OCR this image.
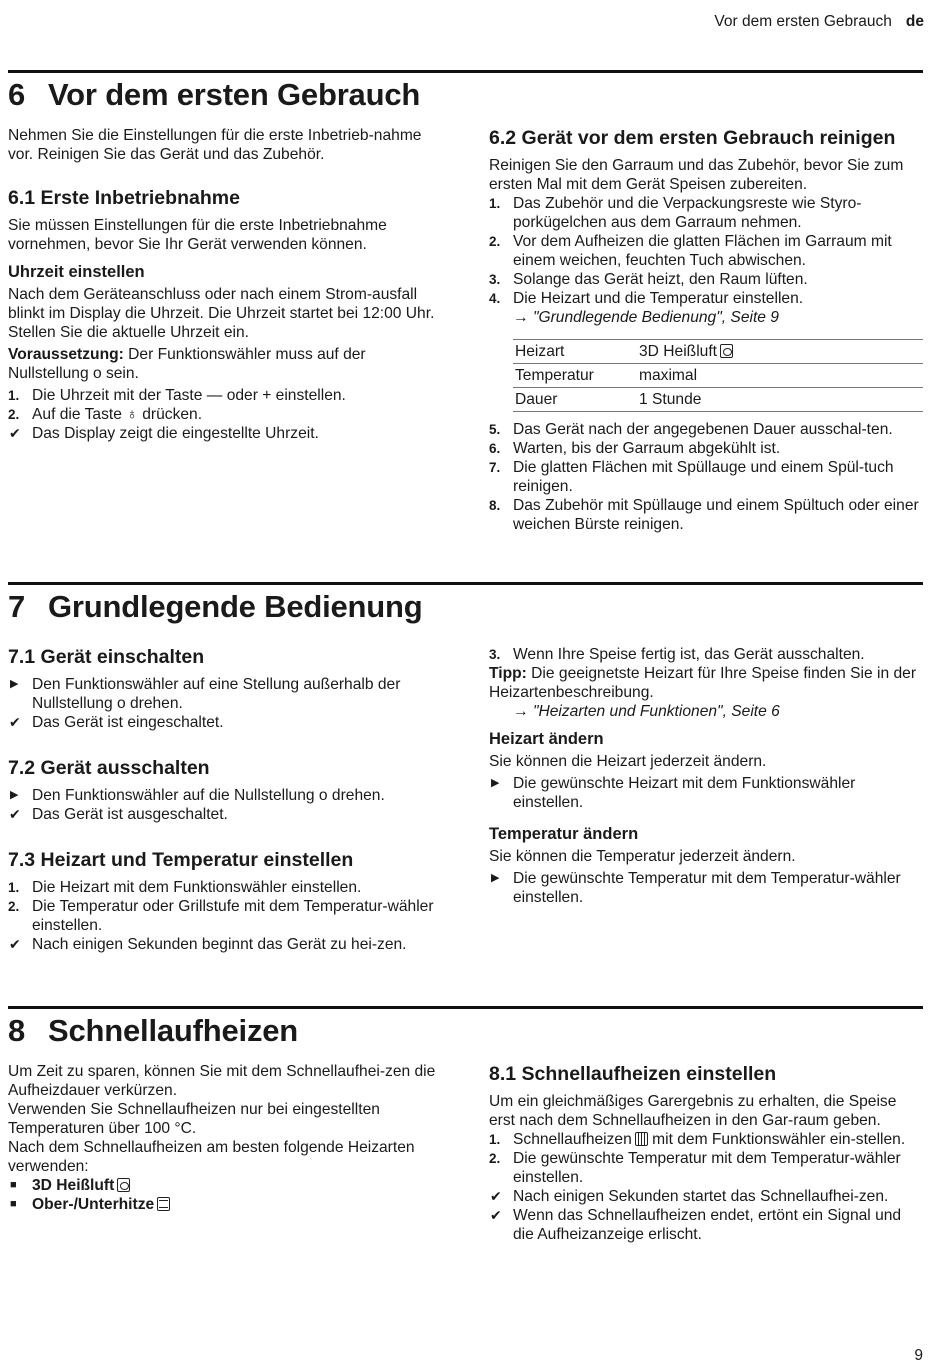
Vor dem ersten Gebrauch de
6 Vor dem ersten Gebrauch

Nehmen Sie die Einstellungen für die erste Inbetrieb-nahme vor. Reinigen Sie das Gerät und das Zubehör.

6.1 Erste Inbetriebnahme

Sie müssen Einstellungen für die erste Inbetriebnahme vornehmen, bevor Sie Ihr Gerät verwenden können.

Uhrzeit einstellen

Nach dem Geräteanschluss oder nach einem Strom-ausfall blinkt im Display die Uhrzeit. Die Uhrzeit startet bei 12:00 Uhr. Stellen Sie die aktuelle Uhrzeit ein.

Voraussetzung: Der Funktionswähler muss auf der Nullstellung o sein.

1. Die Uhrzeit mit der Taste — oder + einstellen.
2. Auf die Taste ♁ drücken.
✔ Das Display zeigt die eingestellte Uhrzeit.
6.2 Gerät vor dem ersten Gebrauch reinigen

Reinigen Sie den Garraum und das Zubehör, bevor Sie zum ersten Mal mit dem Gerät Speisen zubereiten.

1. Das Zubehör und die Verpackungsreste wie Styro-porkügelchen aus dem Garraum nehmen.
2. Vor dem Aufheizen die glatten Flächen im Garraum mit einem weichen, feuchten Tuch abwischen.
3. Solange das Gerät heizt, den Raum lüften.
4. Die Heizart und die Temperatur einstellen.
→ "Grundlegende Bedienung", Seite 9
Heizart	3D Heißluft
Temperatur	maximal
Dauer	1 Stunde
5. Das Gerät nach der angegebenen Dauer ausschal-ten.
6. Warten, bis der Garraum abgekühlt ist.
7. Die glatten Flächen mit Spüllauge und einem Spül-tuch reinigen.
8. Das Zubehör mit Spüllauge und einem Spültuch oder einer weichen Bürste reinigen.
7 Grundlegende Bedienung
7.1 Gerät einschalten
▶ Den Funktionswähler auf eine Stellung außerhalb der Nullstellung o drehen.
✔ Das Gerät ist eingeschaltet.
7.2 Gerät ausschalten
▶ Den Funktionswähler auf die Nullstellung o drehen.
✔ Das Gerät ist ausgeschaltet.
7.3 Heizart und Temperatur einstellen
1. Die Heizart mit dem Funktionswähler einstellen.
2. Die Temperatur oder Grillstufe mit dem Temperatur-wähler einstellen.
✔ Nach einigen Sekunden beginnt das Gerät zu hei-zen.
3. Wenn Ihre Speise fertig ist, das Gerät ausschalten.

Tipp: Die geeignetste Heizart für Ihre Speise finden Sie in der Heizartenbeschreibung.

→ "Heizarten und Funktionen", Seite 6
Heizart ändern

Sie können die Heizart jederzeit ändern.

▶ Die gewünschte Heizart mit dem Funktionswähler einstellen.
Temperatur ändern

Sie können die Temperatur jederzeit ändern.

▶ Die gewünschte Temperatur mit dem Temperatur-wähler einstellen.
8 Schnellaufheizen

Um Zeit zu sparen, können Sie mit dem Schnellaufhei-zen die Aufheizdauer verkürzen.

Verwenden Sie Schnellaufheizen nur bei eingestellten Temperaturen über 100 °C.

Nach dem Schnellaufheizen am besten folgende Heizarten verwenden:

■ 3D Heißluft
■ Ober-/Unterhitze
8.1 Schnellaufheizen einstellen

Um ein gleichmäßiges Garergebnis zu erhalten, die Speise erst nach dem Schnellaufheizen in den Gar-raum geben.

1. Schnellaufheizen mit dem Funktionswähler ein-stellen.
2. Die gewünschte Temperatur mit dem Temperatur-wähler einstellen.
✔ Nach einigen Sekunden startet das Schnellaufhei-zen.
✔ Wenn das Schnellaufheizen endet, ertönt ein Signal und die Aufheizanzeige erlischt.
9
